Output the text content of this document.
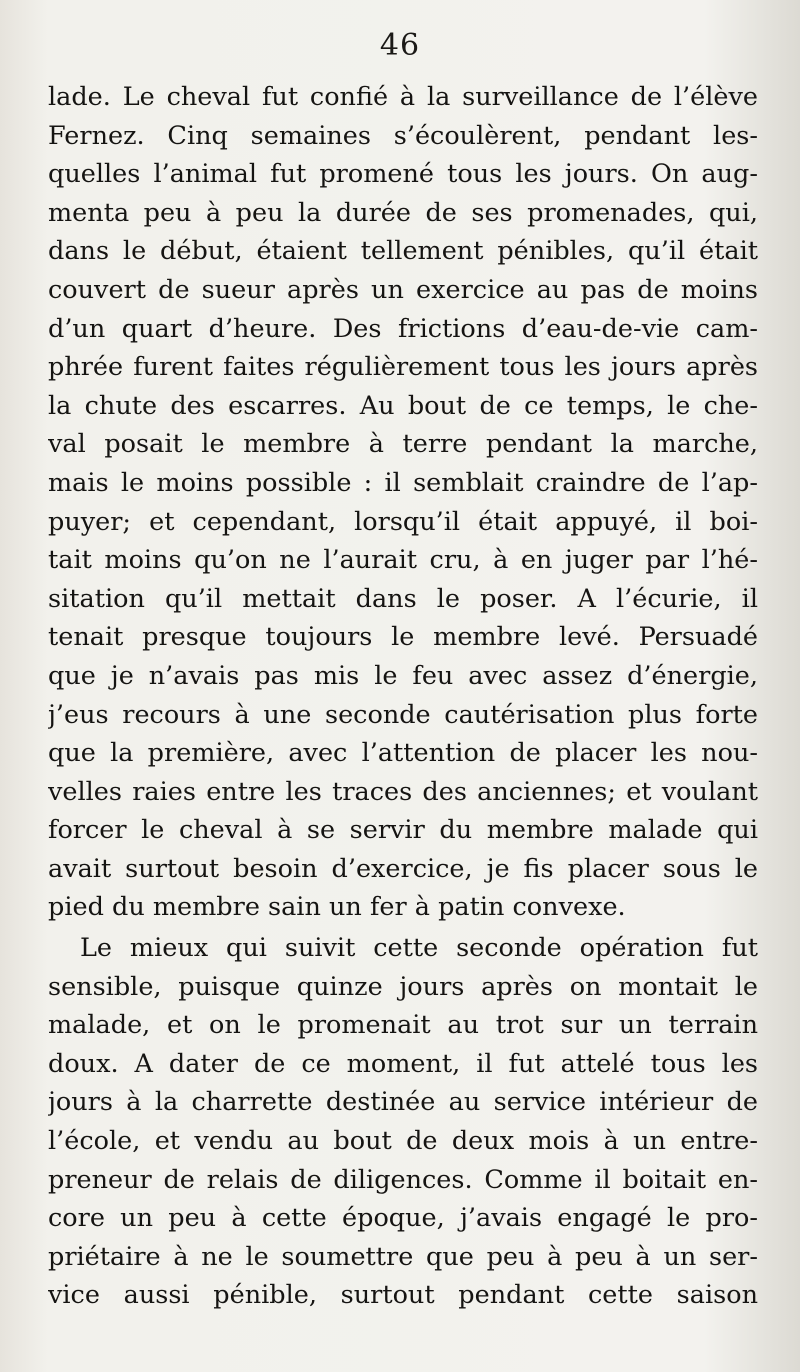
46
lade. Le cheval fut confié à la surveillance de l’élève
Fernez. Cinq semaines s’écoulèrent, pendant les-
quelles l’animal fut promené tous les jours. On aug-
menta peu à peu la durée de ses promenades, qui,
dans le début, étaient tellement pénibles, qu’il était
couvert de sueur après un exercice au pas de moins
d’un quart d’heure. Des frictions d’eau-de-vie cam-
phrée furent faites régulièrement tous les jours après
la chute des escarres. Au bout de ce temps, le che-
val posait le membre à terre pendant la marche,
mais le moins possible : il semblait craindre de l’ap-
puyer; et cependant, lorsqu’il était appuyé, il boi-
tait moins qu’on ne l’aurait cru, à en juger par l’hé-
sitation qu’il mettait dans le poser. A l’écurie, il
tenait presque toujours le membre levé. Persuadé
que je n’avais pas mis le feu avec assez d’énergie,
j’eus recours à une seconde cautérisation plus forte
que la première, avec l’attention de placer les nou-
velles raies entre les traces des anciennes; et voulant
forcer le cheval à se servir du membre malade qui
avait surtout besoin d’exercice, je fis placer sous le
pied du membre sain un fer à patin convexe.
Le mieux qui suivit cette seconde opération fut
sensible, puisque quinze jours après on montait le
malade, et on le promenait au trot sur un terrain
doux. A dater de ce moment, il fut attelé tous les
jours à la charrette destinée au service intérieur de
l’école, et vendu au bout de deux mois à un entre-
preneur de relais de diligences. Comme il boitait en-
core un peu à cette époque, j’avais engagé le pro-
priétaire à ne le soumettre que peu à peu à un ser-
vice aussi pénible, surtout pendant cette saison
